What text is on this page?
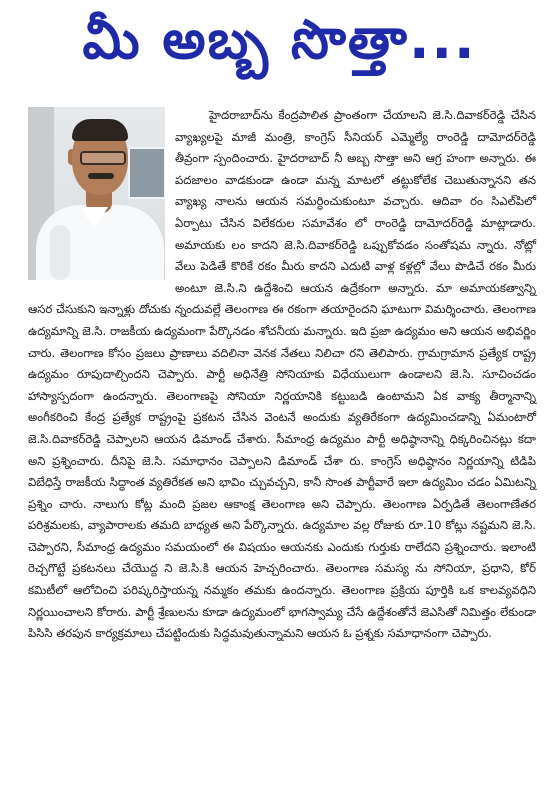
మీ అబ్బ సొత్తా...

హైదరాబాద్‌ను కేంద్రపాలిత ప్రాంతంగా చేయాలని జె.సి.దివాకర్‌రెడ్డి చేసిన వ్యాఖ్యలపై మాజీ మంత్రి, కాంగ్రెస్ సీనియర్ ఎమ్మెల్యే రాంరెడ్డి దామోదర్‌రెడ్డి తీవ్రంగా స్పందించారు. హైదరాబాద్ నీ అబ్బ సొత్తా అని ఆగ్ర హంగా అన్నారు. ఈ పదజాలం వాడకుండా ఉండా మన్న మాటలో తట్టుకోలేక చెబుతున్నానని తన వ్యాఖ్య నాలను ఆయన సమర్ధించుకుంటూ వచ్చారు. ఆదివా రం సిఎల్‌పిలో ఏర్పాటు చేసిన విలేకరుల సమావేశం లో రాంరెడ్డి దామోదర్‌రెడ్డి మాట్లాడారు. అమాయకు లం కాదని జె.సి.దివాకర్‌రెడ్డి ఒప్పుకోవడం సంతోషమ న్నారు. నోట్లో వేలు పెడితే కొరికే రకం మీరు కాదని ఎదుటి వాళ్ల కళ్లల్లో వేలు పొడిచే రకం మీరు అంటూ జె.సి.ని ఉద్దేశించి ఆయన ఉద్రేకంగా అన్నారు. మా అమాయకత్వాన్ని ఆసర చేసుకుని ఇన్నాళ్లు దోచుకు న్నందువల్లే తెలంగాణ ఈ రకంగా తయారైందని ఘాటుగా విమర్శించారు. తెలంగాణ ఉద్యమాన్ని జె.సి. రాజకీయ ఉద్యమంగా పేర్కొనడం శోచనీయ మన్నారు. ఇది ప్రజా ఉద్యమం అని ఆయన అభివర్ణిం చారు. తెలంగాణ కోసం ప్రజలు ప్రాణాలు వదిలినా వెనక నేతలు నిలిచా రని తెలిపారు. గ్రామగ్రామాన ప్రత్యేక రాష్ట్ర ఉద్యమం రూపుదాల్చిందని చెప్పారు. పార్టీ అధినేత్రి సోనియాకు విధేయులుగా ఉండాలని జె.సి. సూచించడం హాస్యాస్పదంగా ఉందన్నారు. తెలంగాణపై సోనియా నిర్ణయానికి కట్టుబడి ఉంటామని ఏక వాక్య తీర్మానాన్ని అంగీకరించి కేంద్ర ప్రత్యేక రాష్ట్రంపై ప్రకటన చేసిన వెంటనే అందుకు వ్యతిరేకంగా ఉద్యమించడాన్ని ఏమంటారో జె.సి.దివాకర్‌రెడ్డి చెప్పాలని ఆయన డిమాండ్ చేశారు. సీమాంధ్ర ఉద్యమం పార్టీ అధిష్ఠానాన్ని ధిక్కరించినట్లు కదా అని ప్రశ్నించారు. దీనిపై జె.సి. సమాధానం చెప్పాలని డిమాండ్ చేశా రు. కాంగ్రెస్ అధిష్ఠానం నిర్ణయాన్ని టిడిపి విబేధిస్తే రాజకీయ సిద్ధాంత వ్యతిరేకత అని భావిం చ్చువచ్చని, కానీ సొంత పార్టీవారే ఇలా ఉద్యమిం చడం ఏమిటన్ని ప్రశ్నిం చారు. నాలుగు కోట్ల మంది ప్రజల ఆకాంక్ష తెలంగాణ అని చెప్పారు. తెలంగాణ ఏర్పడితే తెలంగాణేతర పరిశ్రమలకు, వ్యాపారాలకు తమది బాధ్యత అని పేర్కొన్నారు. ఉద్యమాల వల్ల రోజుకు రూ.10 కోట్లు నష్టమని జె.సి. చెప్పారని, సీమాంధ్ర ఉద్యమం సమయంలో ఈ విషయం ఆయనకు ఎందుకు గుర్తుకు రాలేదని ప్రశ్నించారు. ఇలాంటి రెచ్చగొట్టే ప్రకటనలు చేయొద్ద ని జె.సి.కి ఆయన హెచ్చరించారు. తెలంగాణ సమస్య ను సోనియా, ప్రధాని, కోర్ కమిటీలో ఆలోచించి పరిష్కరిస్తాయన్న నమ్మకం తమకు ఉందన్నారు. తెలంగాణ ప్రక్రియ పూర్తికి ఒక కాలవ్యవధిని నిర్ణయించాలని కోరారు. పార్టీ శ్రేణులను కూడా ఉద్యమంలో భాగస్వామ్య చేసే ఉద్దేశంతోనే జెఎసితో నిమిత్తం లేకుండా పిసిసి తరపున కార్యక్రమాలు చేపట్టిందుకు సిద్ధమవుతున్నామని ఆయన ఓ ప్రశ్నకు సమాధానంగా చెప్పారు.
